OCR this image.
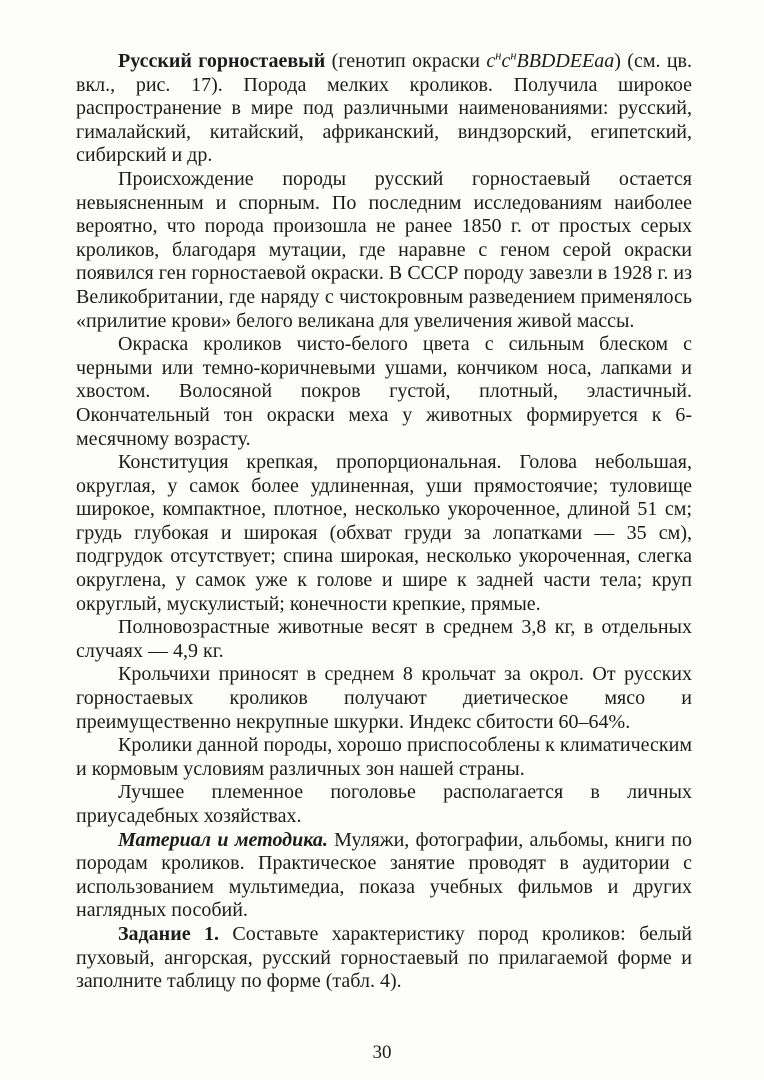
Русский горностаевый (генотип окраски $c^нc^нBBDDEEaa$) (см. цв. вкл., рис. 17). Порода мелких кроликов. Получила широкое распространение в мире под различными наименованиями: русский, гималайский, китайский, африканский, виндзорский, египетский, сибирский и др.

Происхождение породы русский горностаевый остается невыясненным и спорным. По последним исследованиям наиболее вероятно, что порода произошла не ранее 1850 г. от простых серых кроликов, благодаря мутации, где наравне с геном серой окраски появился ген горностаевой окраски. В СССР породу завезли в 1928 г. из Великобритании, где наряду с чистокровным разведением применялось «прилитие крови» белого великана для увеличения живой массы.

Окраска кроликов чисто-белого цвета с сильным блеском с черными или темно-коричневыми ушами, кончиком носа, лапками и хвостом. Волосяной покров густой, плотный, эластичный. Окончательный тон окраски меха у животных формируется к 6-месячному возрасту.

Конституция крепкая, пропорциональная. Голова небольшая, округлая, у самок более удлиненная, уши прямостоячие; туловище широкое, компактное, плотное, несколько укороченное, длиной 51 см; грудь глубокая и широкая (обхват груди за лопатками — 35 см), подгрудок отсутствует; спина широкая, несколько укороченная, слегка округлена, у самок уже к голове и шире к задней части тела; круп округлый, мускулистый; конечности крепкие, прямые.

Полновозрастные животные весят в среднем 3,8 кг, в отдельных случаях — 4,9 кг.

Крольчихи приносят в среднем 8 крольчат за окрол. От русских горностаевых кроликов получают диетическое мясо и преимущественно некрупные шкурки. Индекс сбитости 60–64%.

Кролики данной породы, хорошо приспособлены к климатическим и кормовым условиям различных зон нашей страны.

Лучшее племенное поголовье располагается в личных приусадебных хозяйствах.

Материал и методика. Муляжи, фотографии, альбомы, книги по породам кроликов. Практическое занятие проводят в аудитории с использованием мультимедиа, показа учебных фильмов и других наглядных пособий.

Задание 1. Составьте характеристику пород кроликов: белый пуховый, ангорская, русский горностаевый по прилагаемой форме и заполните таблицу по форме (табл. 4).

30
